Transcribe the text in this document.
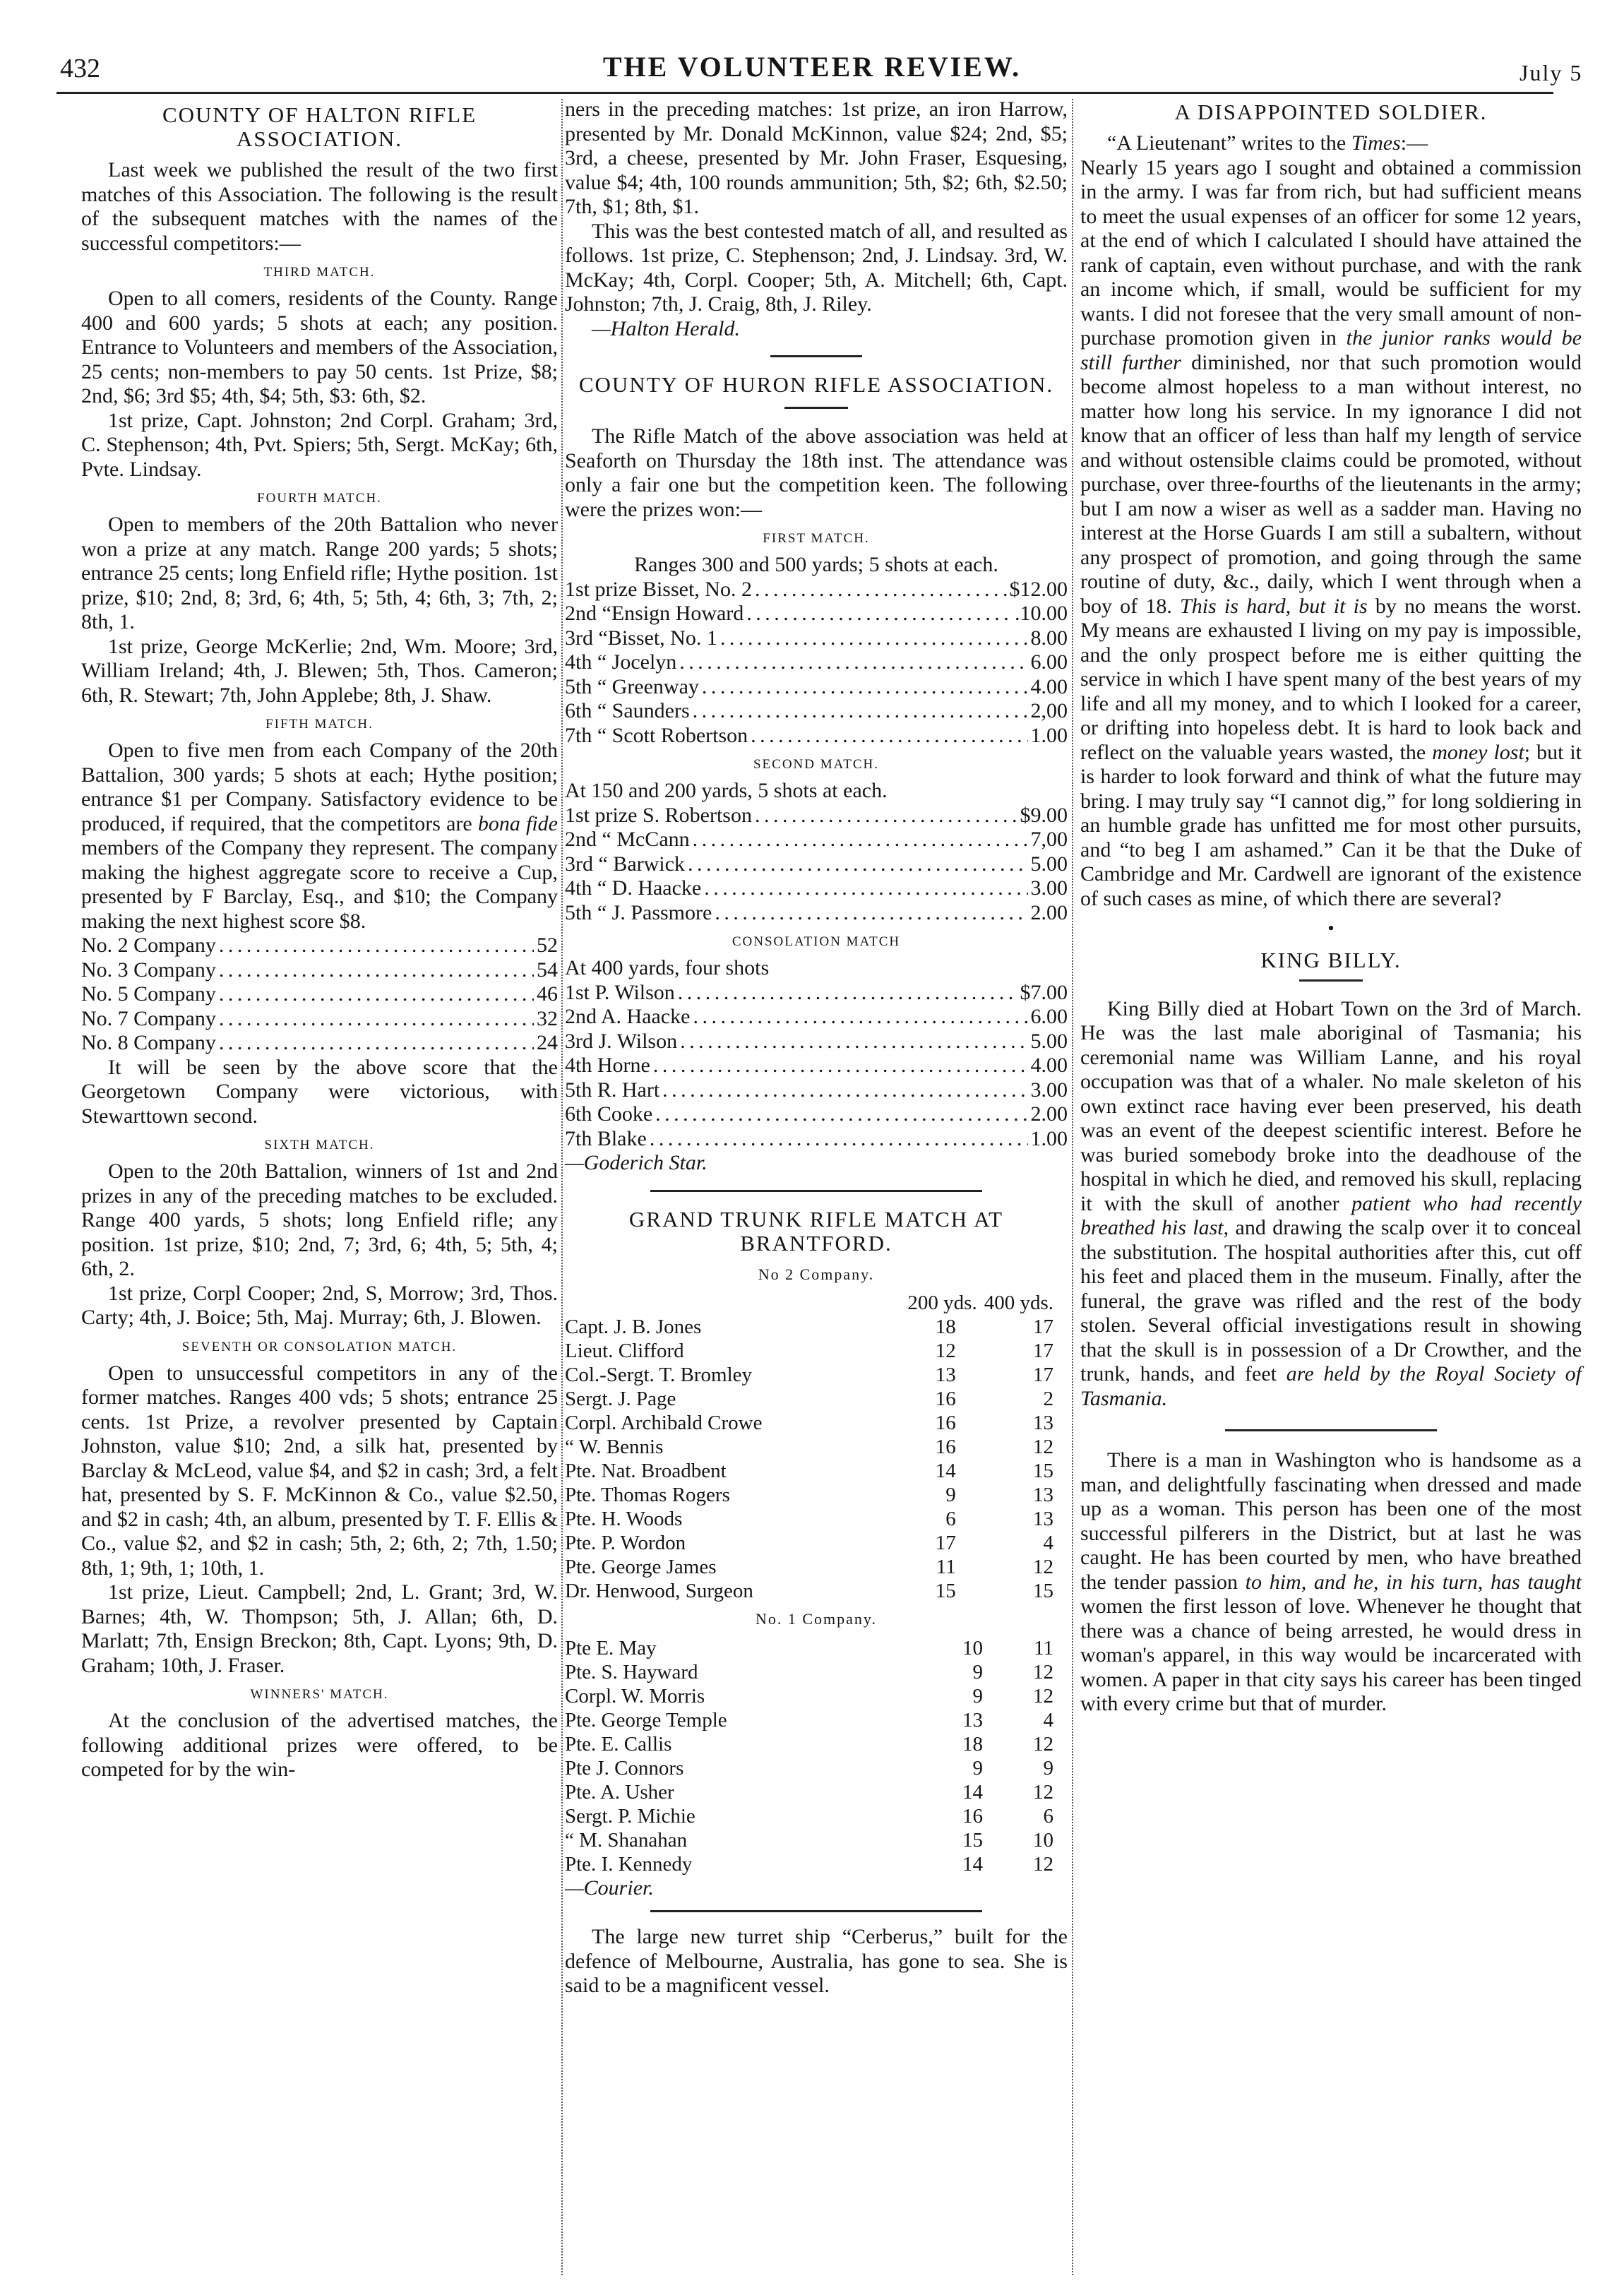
432	THE VOLUNTEER REVIEW.	July 5
COUNTY OF HALTON RIFLE ASSOCIATION.

Last week we published the result of the two first matches of this Association. The following is the result of the subsequent matches with the names of the successful competitors:—

THIRD MATCH.

Open to all comers, residents of the County. Range 400 and 600 yards; 5 shots at each; any position. Entrance to Volunteers and members of the Association, 25 cents; non-members to pay 50 cents. 1st Prize, $8; 2nd, $6; 3rd $5; 4th, $4; 5th, $3: 6th, $2.

1st prize, Capt. Johnston; 2nd Corpl. Graham; 3rd, C. Stephenson; 4th, Pvt. Spiers; 5th, Sergt. McKay; 6th, Pvte. Lindsay.

FOURTH MATCH.

Open to members of the 20th Battalion who never won a prize at any match. Range 200 yards; 5 shots; entrance 25 cents; long Enfield rifle; Hythe position. 1st prize, $10; 2nd, 8; 3rd, 6; 4th, 5; 5th, 4; 6th, 3; 7th, 2; 8th, 1.

1st prize, George McKerlie; 2nd, Wm. Moore; 3rd, William Ireland; 4th, J. Blewen; 5th, Thos. Cameron; 6th, R. Stewart; 7th, John Applebe; 8th, J. Shaw.

FIFTH MATCH.

Open to five men from each Company of the 20th Battalion, 300 yards; 5 shots at each; Hythe position; entrance $1 per Company. Satisfactory evidence to be produced, if required, that the competitors are bona fide members of the Company they represent. The company making the highest aggregate score to receive a Cup, presented by F Barclay, Esq., and $10; the Company making the next highest score $8.

No. 2 Company . . .	52
No. 3 Company . . .	54
No. 5 Company . . .	46
No. 7 Company . . .	32
No. 8 Company . . .	24

It will be seen by the above score that the Georgetown Company were victorious, with Stewarttown second.

SIXTH MATCH.

Open to the 20th Battalion, winners of 1st and 2nd prizes in any of the preceding matches to be excluded. Range 400 yards, 5 shots; long Enfield rifle; any position. 1st prize, $10; 2nd, 7; 3rd, 6; 4th, 5; 5th, 4; 6th, 2.

1st prize, Corpl Cooper; 2nd, S, Morrow; 3rd, Thos. Carty; 4th, J. Boice; 5th, Maj. Murray; 6th, J. Blowen.

SEVENTH OR CONSOLATION MATCH.

Open to unsuccessful competitors in any of the former matches. Ranges 400 vds; 5 shots; entrance 25 cents. 1st Prize, a revolver presented by Captain Johnston, value $10; 2nd, a silk hat, presented by Barclay & McLeod, value $4, and $2 in cash; 3rd, a felt hat, presented by S. F. McKinnon & Co., value $2.50, and $2 in cash; 4th, an album, presented by T. F. Ellis & Co., value $2, and $2 in cash; 5th, 2; 6th, 2; 7th, 1.50; 8th, 1; 9th, 1; 10th, 1.

1st prize, Lieut. Campbell; 2nd, L. Grant; 3rd, W. Barnes; 4th, W. Thompson; 5th, J. Allan; 6th, D. Marlatt; 7th, Ensign Breckon; 8th, Capt. Lyons; 9th, D. Graham; 10th, J. Fraser.

WINNERS' MATCH.

At the conclusion of the advertised matches, the following additional prizes were offered, to be competed for by the win-

ners in the preceding matches: 1st prize, an iron Harrow, presented by Mr. Donald McKinnon, value $24; 2nd, $5; 3rd, a cheese, presented by Mr. John Fraser, Esquesing, value $4; 4th, 100 rounds ammunition; 5th, $2; 6th, $2.50; 7th, $1; 8th, $1.

This was the best contested match of all, and resulted as follows. 1st prize, C. Stephenson; 2nd, J. Lindsay. 3rd, W. McKay; 4th, Corpl. Cooper; 5th, A. Mitchell; 6th, Capt. Johnston; 7th, J. Craig, 8th, J. Riley.

—Halton Herald.

COUNTY OF HURON RIFLE ASSOCIATION.

The Rifle Match of the above association was held at Seaforth on Thursday the 18th inst. The attendance was only a fair one but the competition keen. The following were the prizes won:—

FIRST MATCH.

Ranges 300 and 500 yards; 5 shots at each.

1st prize Bisset, No. 2 . . .	$12.00
2nd “Ensign Howard . . .	.10.00
3rd “Bisset, No. 1 . . .	8.00
4th “ Jocelyn . . .	6.00
5th “ Greenway . . .	4.00
6th “ Saunders . . .	2,00
7th “ Scott Robertson . . .	1.00
SECOND MATCH.

At 150 and 200 yards, 5 shots at each.

1st prize S. Robertson . . .	$9.00
2nd “ McCann . . .	7,00
3rd “ Barwick . . .	5.00
4th “ D. Haacke . . .	3.00
5th “ J. Passmore . . .	2.00
CONSOLATION MATCH

At 400 yards, four shots

1st P. Wilson . . .	$7.00
2nd A. Haacke . . .	6.00
3rd J. Wilson . . .	5.00
4th Horne . . .	4.00
5th R. Hart . . .	3.00
6th Cooke . . .	2.00
7th Blake . . .	1.00

—Goderich Star.

GRAND TRUNK RIFLE MATCH AT BRANTFORD.
No 2 Company.
	200 yds.	400 yds.
Capt. J. B. Jones	18	17
Lieut. Clifford	12	17
Col.-Sergt. T. Bromley	13	17
Sergt. J. Page	16	2
Corpl. Archibald Crowe	16	13
“ W. Bennis	16	12
Pte. Nat. Broadbent	14	15
Pte. Thomas Rogers	9	13
Pte. H. Woods	6	13
Pte. P. Wordon	17	4
Pte. George James	11	12
Dr. Henwood, Surgeon	15	15
No. 1 Company.
Pte E. May	10	11
Pte. S. Hayward	9	12
Corpl. W. Morris	9	12
Pte. George Temple	13	4
Pte. E. Callis	18	12
Pte J. Connors	9	9
Pte. A. Usher	14	12
Sergt. P. Michie	16	6
“ M. Shanahan	15	10
Pte. I. Kennedy	14	12

—Courier.

The large new turret ship “Cerberus,” built for the defence of Melbourne, Australia, has gone to sea. She is said to be a magnificent vessel.

A DISAPPOINTED SOLDIER.

“A Lieutenant” writes to the Times:—

Nearly 15 years ago I sought and obtained a commission in the army. I was far from rich, but had sufficient means to meet the usual expenses of an officer for some 12 years, at the end of which I calculated I should have attained the rank of captain, even without purchase, and with the rank an income which, if small, would be sufficient for my wants. I did not foresee that the very small amount of non-purchase promotion given in the junior ranks would be still further diminished, nor that such promotion would become almost hopeless to a man without interest, no matter how long his service. In my ignorance I did not know that an officer of less than half my length of service and without ostensible claims could be promoted, without purchase, over three-fourths of the lieutenants in the army; but I am now a wiser as well as a sadder man. Having no interest at the Horse Guards I am still a subaltern, without any prospect of promotion, and going through the same routine of duty, &c., daily, which I went through when a boy of 18. This is hard, but it is by no means the worst. My means are exhausted I living on my pay is impossible, and the only prospect before me is either quitting the service in which I have spent many of the best years of my life and all my money, and to which I looked for a career, or drifting into hopeless debt. It is hard to look back and reflect on the valuable years wasted, the money lost; but it is harder to look forward and think of what the future may bring. I may truly say “I cannot dig,” for long soldiering in an humble grade has unfitted me for most other pursuits, and “to beg I am ashamed.” Can it be that the Duke of Cambridge and Mr. Cardwell are ignorant of the existence of such cases as mine, of which there are several?

•
KING BILLY.

King Billy died at Hobart Town on the 3rd of March. He was the last male aboriginal of Tasmania; his ceremonial name was William Lanne, and his royal occupation was that of a whaler. No male skeleton of his own extinct race having ever been preserved, his death was an event of the deepest scientific interest. Before he was buried somebody broke into the deadhouse of the hospital in which he died, and removed his skull, replacing it with the skull of another patient who had recently breathed his last, and drawing the scalp over it to conceal the substitution. The hospital authorities after this, cut off his feet and placed them in the museum. Finally, after the funeral, the grave was rifled and the rest of the body stolen. Several official investigations result in showing that the skull is in possession of a Dr Crowther, and the trunk, hands, and feet are held by the Royal Society of Tasmania.

There is a man in Washington who is handsome as a man, and delightfully fascinating when dressed and made up as a woman. This person has been one of the most successful pilferers in the District, but at last he was caught. He has been courted by men, who have breathed the tender passion to him, and he, in his turn, has taught women the first lesson of love. Whenever he thought that there was a chance of being arrested, he would dress in woman's apparel, in this way would be incarcerated with women. A paper in that city says his career has been tinged with every crime but that of murder.
